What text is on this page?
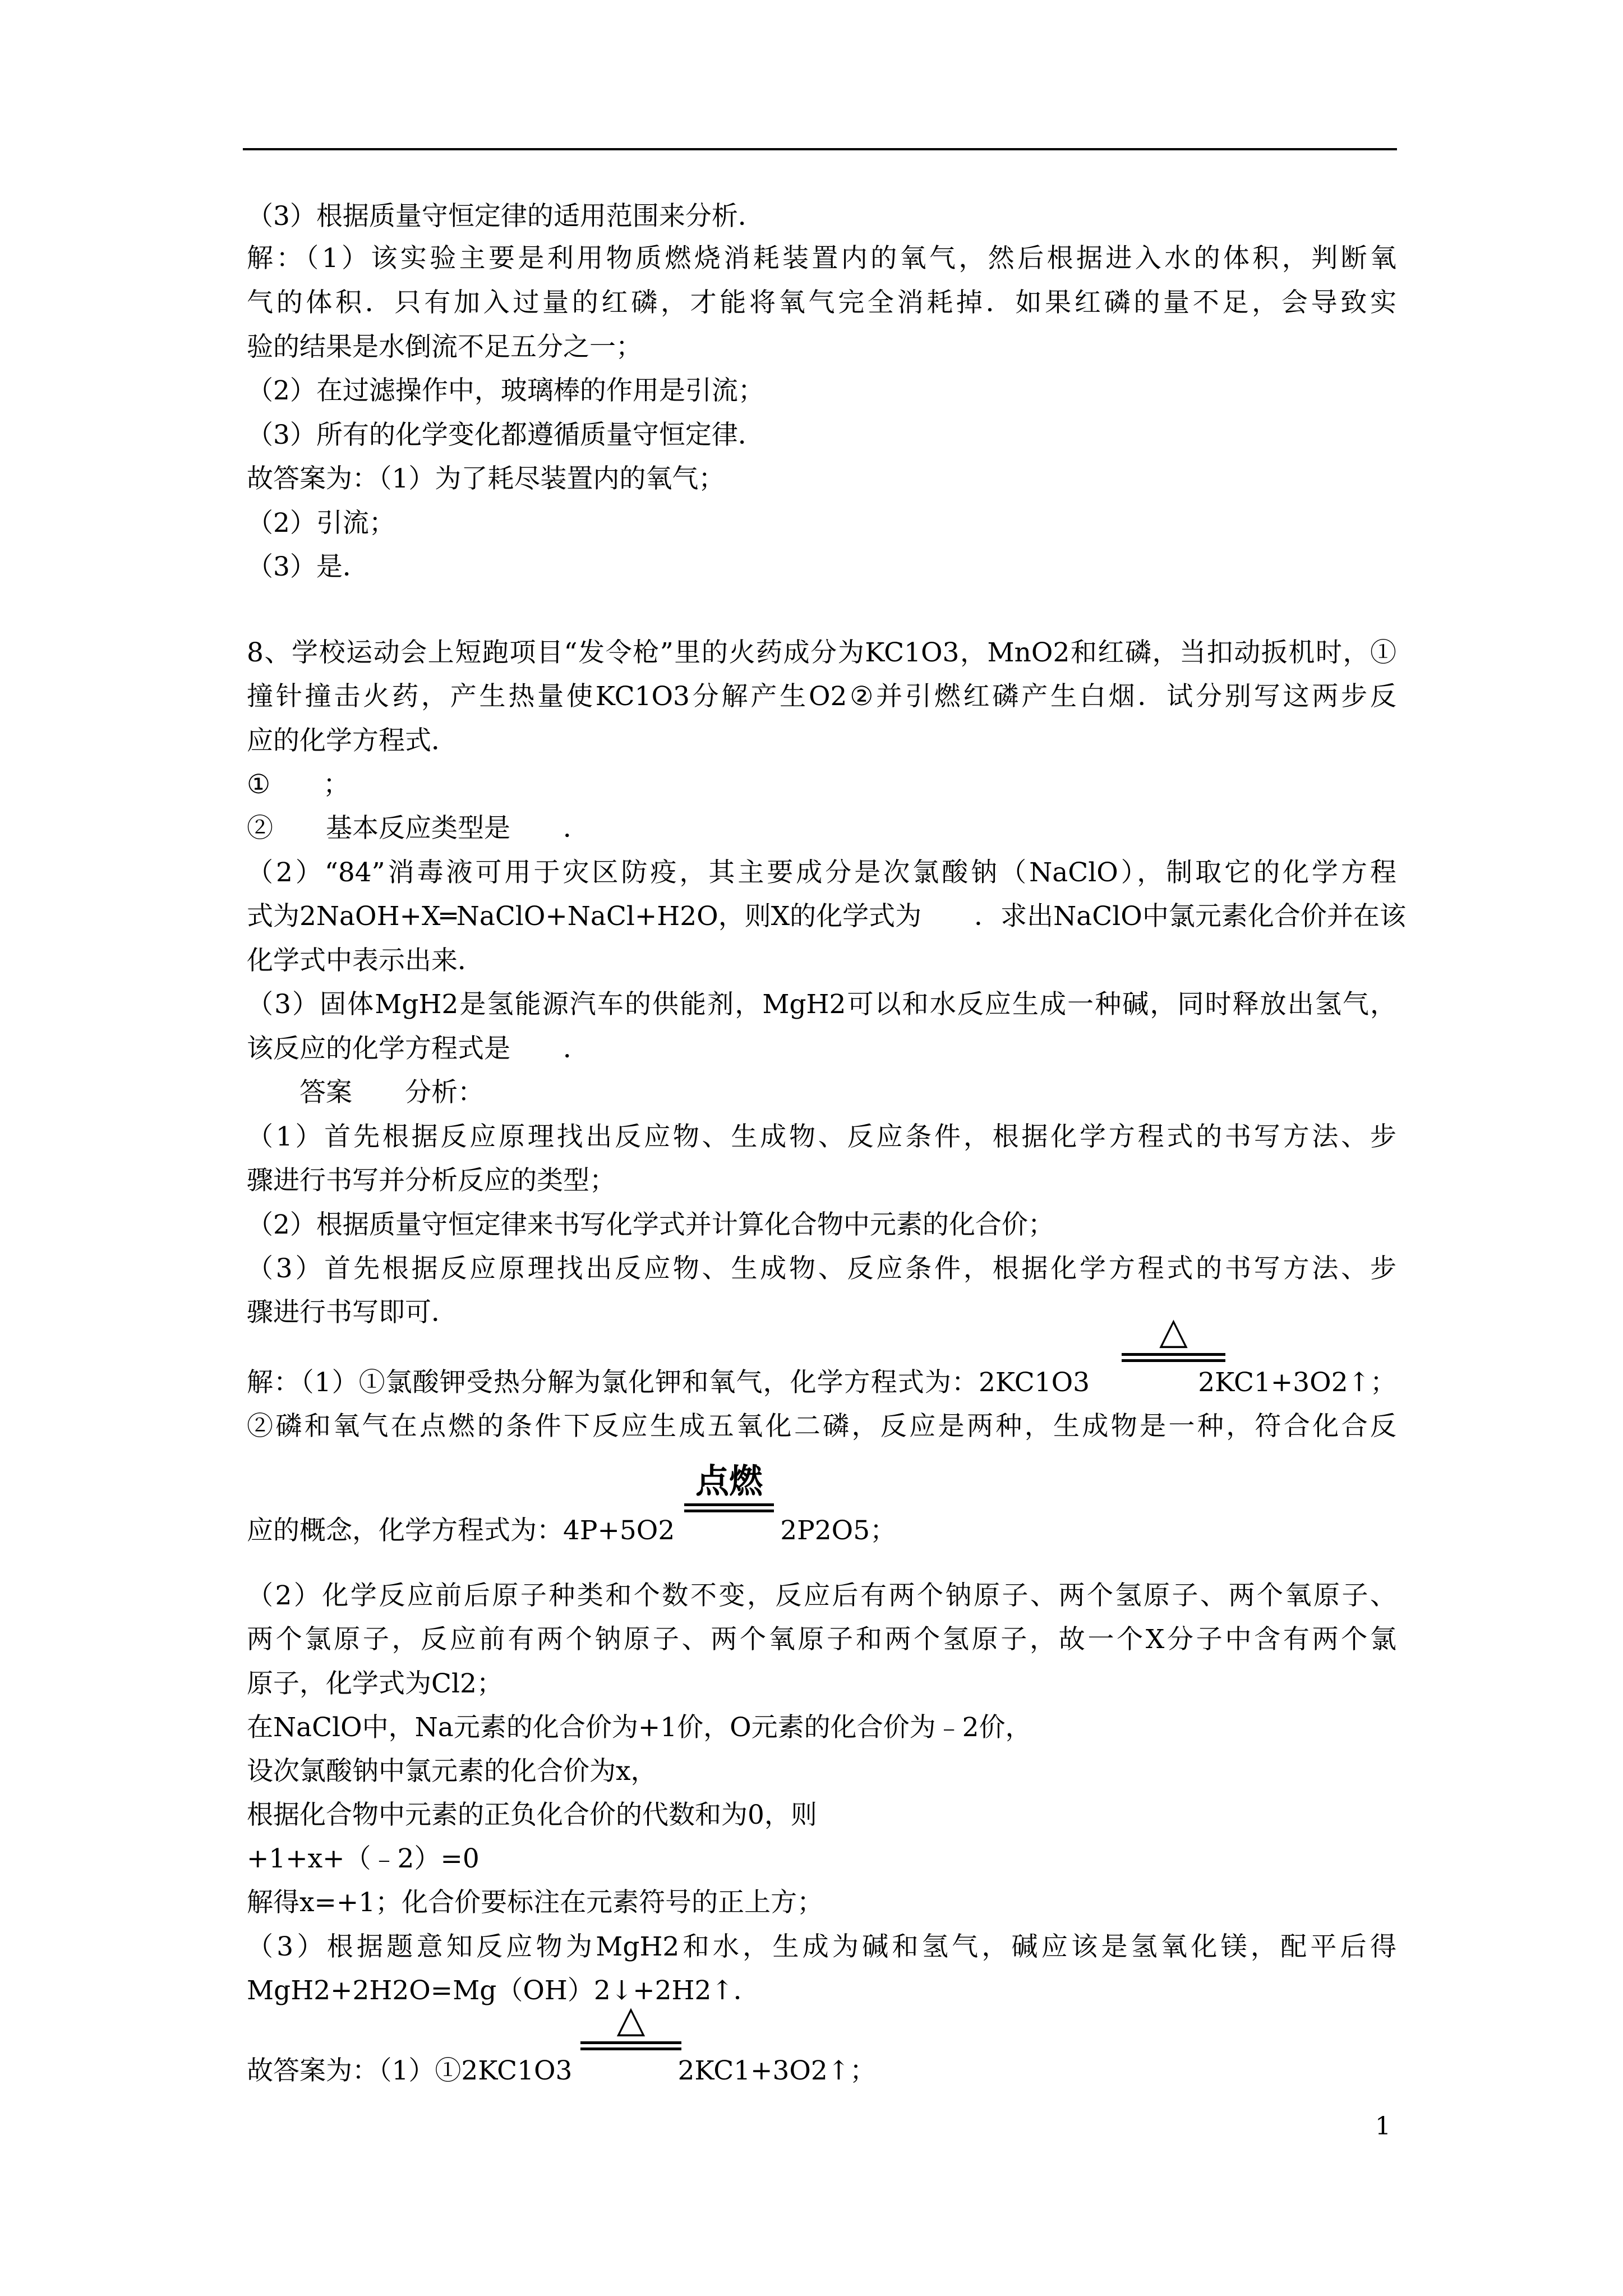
（3）根据质量守恒定律的适用范围来分析．
解：（1）该实验主要是利用物质燃烧消耗装置内的氧气，然后根据进入水的体积，判断氧
气的体积．只有加入过量的红磷，才能将氧气完全消耗掉．如果红磷的量不足，会导致实
验的结果是水倒流不足五分之一；
（2）在过滤操作中，玻璃棒的作用是引流；
（3）所有的化学变化都遵循质量守恒定律．
故答案为：（1）为了耗尽装置内的氧气；
（2）引流；
（3）是．
8、学校运动会上短跑项目“发令枪”里的火药成分为KC1O3，MnO2和红磷，当扣动扳机时，①
撞针撞击火药，产生热量使KC1O3分解产生O2②并引燃红磷产生白烟．试分别写这两步反
应的化学方程式．
①　　；
②　　基本反应类型是　　．
（2）“84”消毒液可用于灾区防疫，其主要成分是次氯酸钠（NaClO），制取它的化学方程
式为2NaOH+X═NaClO+NaCl+H2O，则X的化学式为　　．求出NaClO中氯元素化合价并在该
化学式中表示出来．
（3）固体MgH2是氢能源汽车的供能剂，MgH2可以和水反应生成一种碱，同时释放出氢气，
该反应的化学方程式是　　．
　　答案　　分析：
（1）首先根据反应原理找出反应物、生成物、反应条件，根据化学方程式的书写方法、步
骤进行书写并分析反应的类型；
（2）根据质量守恒定律来书写化学式并计算化合物中元素的化合价；
（3）首先根据反应原理找出反应物、生成物、反应条件，根据化学方程式的书写方法、步
骤进行书写即可．	△
解：（1）①氯酸钾受热分解为氯化钾和氧气，化学方程式为：2KC1O3　　　　2KC1+3O2↑；
②磷和氧气在点燃的条件下反应生成五氧化二磷，反应是两种，生成物是一种，符合化合反
点燃
应的概念，化学方程式为：4P+5O2　　　　2P2O5；
（2）化学反应前后原子种类和个数不变，反应后有两个钠原子、两个氢原子、两个氧原子、
两个氯原子，反应前有两个钠原子、两个氧原子和两个氢原子，故一个X分子中含有两个氯
原子，化学式为Cl2；
在NaClO中，Na元素的化合价为+1价，O元素的化合价为﹣2价，
设次氯酸钠中氯元素的化合价为x，
根据化合物中元素的正负化合价的代数和为0，则
+1+x+（﹣2）=0
解得x=+1；化合价要标注在元素符号的正上方；
（3）根据题意知反应物为MgH2和水，生成为碱和氢气，碱应该是氢氧化镁，配平后得
MgH2+2H2O=Mg（OH）2↓+2H2↑．
△
故答案为：（1）①2KC1O3　　　　2KC1+3O2↑；
1
